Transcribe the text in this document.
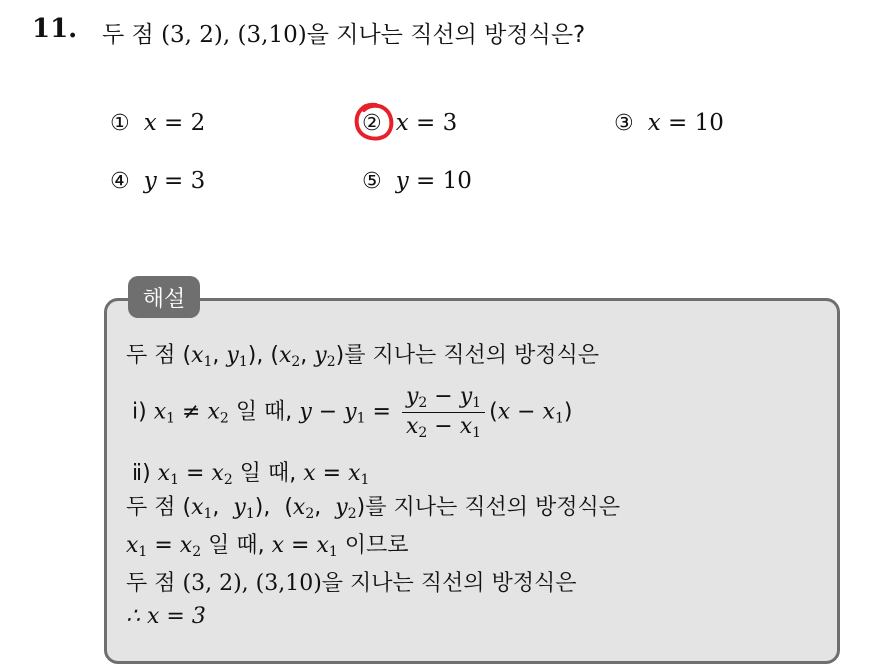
11. 두 점 (3, 2), (3,10)을 지나는 직선의 방정식은?
① x = 2	② x = 3	③ x = 10
④ y = 3	⑤ y = 10
해설
두 점 ($x_1$, $y_1$), ($x_2$, $y_2$)를 지나는 직선의 방정식은
ⅰ) $x_1 \ne x_2$ 일 때, $y - y_1 = \frac{y_2 - y_1}{x_2 - x_1} (x - x_1)$
ⅱ) $x_1 = x_2$ 일 때, $x = x_1$
두 점 ($x_1$,  $y_1$),  ($x_2$,  $y_2$)를 지나는 직선의 방정식은
$x_1 = x_2$ 일 때, $x = x_1$ 이므로
두 점 (3, 2), (3,10)을 지나는 직선의 방정식은
∴ x = 3
